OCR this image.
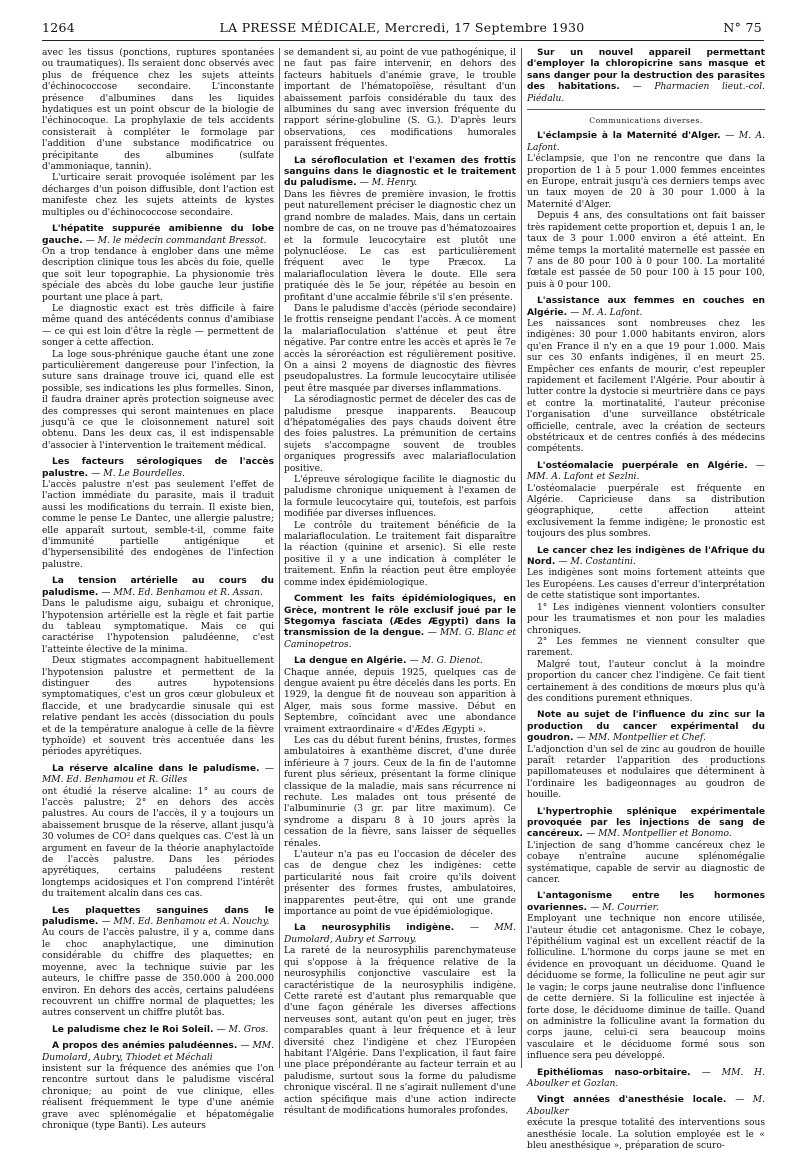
1264	LA PRESSE MÉDICALE, Mercredi, 17 Septembre 1930	N° 75

avec les tissus (ponctions, ruptures spontanées ou traumatiques). Ils seraient donc observés avec plus de fréquence chez les sujets atteints d'échinococcose secondaire. L'inconstante présence d'albumines dans les liquides hydatiques est un point obscur de la biologie de l'échinocoque. La prophylaxie de tels accidents consisterait à compléter le formolage par l'addition d'une substance modificatrice ou précipitante des albumines (sulfate d'ammoniaque, tannin).

L'urticaire serait provoquée isolément par les décharges d'un poison diffusible, dont l'action est manifeste chez les sujets atteints de kystes multiples ou d'échinococcose secondaire.

L'hépatite suppurée amibienne du lobe gauche. — M. le médecin commandant Bressot.

On a trop tendance à englober dans une même description clinique tous les abcès du foie, quelle que soit leur topographie. La physionomie très spéciale des abcès du lobe gauche leur justifie pourtant une place à part.

Le diagnostic exact est très difficile à faire même quand des antécédents connus d'amibiase — ce qui est loin d'être la règle — permettent de songer à cette affection.

La loge sous-phrénique gauche étant une zone particulièrement dangereuse pour l'infection, la suture sans drainage trouve ici, quand elle est possible, ses indications les plus formelles. Sinon, il faudra drainer après protection soigneuse avec des compresses qui seront maintenues en place jusqu'à ce que le cloisonnement naturel soit obtenu. Dans les deux cas, il est indispensable d'associer à l'intervention le traitement médical.

Les facteurs sérologiques de l'accès palustre. — M. Le Bourdelles.

L'accès palustre n'est pas seulement l'effet de l'action immédiate du parasite, mais il traduit aussi les modifications du terrain. Il existe bien, comme le pense Le Dantec, une allergie palustre; elle apparaît surtout, semble-t-il, comme faite d'immunité partielle antigénique et d'hypersensibilité des endogènes de l'infection palustre.

La tension artérielle au cours du paludisme. — MM. Ed. Benhamou et R. Assan.

Dans le paludisme aigu, subaigu et chronique, l'hypotension artérielle est la règle et fait partie du tableau symptomatique. Mais ce qui caractérise l'hypotension paludéenne, c'est l'atteinte élective de la minima.

Deux stigmates accompagnent habituellement l'hypotension palustre et permettent de la distinguer des autres hypotensions symptomatiques, c'est un gros cœur globuleux et flaccide, et une bradycardie sinusale qui est relative pendant les accès (dissociation du pouls et de la température analogue à celle de la fièvre typhoïde) et souvent très accentuée dans les périodes apyrétiques.

La réserve alcaline dans le paludisme. — MM. Ed. Benhamou et R. Gilles

ont étudié la réserve alcaline: 1° au cours de l'accès palustre; 2° en dehors des accès palustres. Au cours de l'accès, il y a toujours un abaissement brusque de la réserve, allant jusqu'à 30 volumes de CO² dans quelques cas. C'est là un argument en faveur de la théorie anaphylactoïde de l'accès palustre. Dans les périodes apyrétiques, certains paludéens restent longtemps acidosiques et l'on comprend l'intérêt du traitement alcalin dans ces cas.

Les plaquettes sanguines dans le paludisme. — MM. Ed. Benhamou et A. Nouchy.

Au cours de l'accès palustre, il y a, comme dans le choc anaphylactique, une diminution considérable du chiffre des plaquettes; en moyenne, avec la technique suivie par les auteurs, le chiffre passe de 350.000 à 200.000 environ. En dehors des accès, certains paludéens recouvrent un chiffre normal de plaquettes; les autres conservent un chiffre plutôt bas.

Le paludisme chez le Roi Soleil. — M. Gros.
A propos des anémies paludéennes. — MM. Dumolard, Aubry, Thiodet et Méchali

insistent sur la fréquence des anémies que l'on rencontre surtout dans le paludisme viscéral chronique; au point de vue clinique, elles réalisent fréquemment le type d'une anémie grave avec splénomégalie et hépatomégalie chronique (type Banti). Les auteurs

se demandent si, au point de vue pathogénique, il ne faut pas faire intervenir, en dehors des facteurs habituels d'anémie grave, le trouble important de l'hématopoïèse, résultant d'un abaissement parfois considérable du taux des albumines du sang avec inversion fréquente du rapport sérine-globuline (S. G.). D'après leurs observations, ces modifications humorales paraissent fréquentes.

La sérofloculation et l'examen des frottis sanguins dans le diagnostic et le traitement du paludisme. — M. Henry.

Dans les fièvres de première invasion, le frottis peut naturellement préciser le diagnostic chez un grand nombre de malades. Mais, dans un certain nombre de cas, on ne trouve pas d'hématozoaires et la formule leucocytaire est plutôt une polynucléose. Le cas est particulièrement fréquent avec le type Præcox. La malariafloculation lèvera le doute. Elle sera pratiquée dès le 5e jour, répétée au besoin en profitant d'une accalmie fébrile s'il s'en présente.

Dans le paludisme d'accès (période secondaire) le frottis renseigne pendant l'accès. À ce moment la malariafloculation s'atténue et peut être négative. Par contre entre les accès et après le 7e accès la séroréaction est régulièrement positive. On a ainsi 2 moyens de diagnostic des fièvres pseudopalustres. La formule leucocytaire utilisée peut être masquée par diverses inflammations.

La sérodiagnostic permet de déceler des cas de paludisme presque inapparents. Beaucoup d'hépatomégalies des pays chauds doivent être des foies palustres. La prémunition de certains sujets s'accompagne souvent de troubles organiques progressifs avec malariafloculation positive.

L'épreuve sérologique facilite le diagnostic du paludisme chronique uniquement à l'examen de la formule leucocytaire qui, toutefois, est parfois modifiée par diverses influences.

Le contrôle du traitement bénéficie de la malariafloculation. Le traitement fait disparaître la réaction (quinine et arsenic). Si elle reste positive il y a une indication à compléter le traitement. Enfin la réaction peut être employée comme index épidémiologique.

Comment les faits épidémiologiques, en Grèce, montrent le rôle exclusif joué par le Stegomya fasciata (Ædes Ægypti) dans la transmission de la dengue. — MM. G. Blanc et Caminopetros.
La dengue en Algérie. — M. G. Dienot.

Chaque année, depuis 1925, quelques cas de dengue avaient pu être décelés dans les ports. En 1929, la dengue fit de nouveau son apparition à Alger, mais sous forme massive. Début en Septembre, coïncidant avec une abondance vraiment extraordinaire « d'Ædes Ægypti ».

Les cas du début furent bénins, frustes, formes ambulatoires à exanthème discret, d'une durée inférieure à 7 jours. Ceux de la fin de l'automne furent plus sérieux, présentant la forme clinique classique de la maladie, mais sans récurrence ni rechute. Les malades ont tous présenté de l'albuminurie (3 gr. par litre maximum). Ce syndrome a disparu 8 à 10 jours après la cessation de la fièvre, sans laisser de séquelles rénales.

L'auteur n'a pas eu l'occasion de déceler des cas de dengue chez les indigènes: cette particularité nous fait croire qu'ils doivent présenter des formes frustes, ambulatoires, inapparentes peut-être, qui ont une grande importance au point de vue épidémiologique.

La neurosyphilis indigène. — MM. Dumolard, Aubry et Sarrouy.

La rareté de la neurosyphilis parenchymateuse qui s'oppose à la fréquence relative de la neurosyphilis conjonctive vasculaire est la caractéristique de la neurosyphilis indigène. Cette rareté est d'autant plus remarquable que d'une façon générale les diverses affections nerveuses sont, autant qu'on peut en juger, très comparables quant à leur fréquence et à leur diversité chez l'indigène et chez l'Européen habitant l'Algérie. Dans l'explication, il faut faire une place prépondérante au facteur terrain et au paludisme, surtout sous la forme du paludisme chronique viscéral. Il ne s'agirait nullement d'une action spécifique mais d'une action indirecte résultant de modifications humorales profondes.

Sur un nouvel appareil permettant d'employer la chloropicrine sans masque et sans danger pour la destruction des parasites des habitations. — Pharmacien lieut.-col. Piédalu.
Communications diverses.
L'éclampsie à la Maternité d'Alger. — M. A. Lafont.

L'éclampsie, que l'on ne rencontre que dans la proportion de 1 à 5 pour 1.000 femmes enceintes en Europe, entrait jusqu'à ces derniers temps avec un taux moyen de 20 à 30 pour 1.000 à la Maternité d'Alger.

Depuis 4 ans, des consultations ont fait baisser très rapidement cette proportion et, depuis 1 an, le taux de 3 pour 1.000 environ a été atteint. En même temps la mortalité maternelle est passée en 7 ans de 80 pour 100 à 0 pour 100. La mortalité fœtale est passée de 50 pour 100 à 15 pour 100, puis à 0 pour 100.

L'assistance aux femmes en couches en Algérie. — M. A. Lafont.

Les naissances sont nombreuses chez les indigènes: 30 pour 1.000 habitants environ, alors qu'en France il n'y en a que 19 pour 1.000. Mais sur ces 30 enfants indigènes, il en meurt 25. Empêcher ces enfants de mourir, c'est repeupler rapidement et facilement l'Algérie. Pour aboutir à lutter contre la dystocie si meurtrière dans ce pays et contre la mortinatalité, l'auteur préconise l'organisation d'une surveillance obstétricale officielle, centrale, avec la création de secteurs obstétricaux et de centres confiés à des médecins compétents.

L'ostéomalacie puerpérale en Algérie. — MM. A. Lafont et Sezlni.

L'ostéomalacie puerpérale est fréquente en Algérie. Capricieuse dans sa distribution géographique, cette affection atteint exclusivement la femme indigène; le pronostic est toujours des plus sombres.

Le cancer chez les indigènes de l'Afrique du Nord. — M. Costantini.

Les indigènes sont moins fortement atteints que les Européens. Les causes d'erreur d'interprétation de cette statistique sont importantes.

1° Les indigènes viennent volontiers consulter pour les traumatismes et non pour les maladies chroniques.

2° Les femmes ne viennent consulter que rarement.

Malgré tout, l'auteur conclut à la moindre proportion du cancer chez l'indigène. Ce fait tient certainement à des conditions de mœurs plus qu'à des conditions purement ethniques.

Note au sujet de l'influence du zinc sur la production du cancer expérimental du goudron. — MM. Montpellier et Chef.

L'adjonction d'un sel de zinc au goudron de houille paraît retarder l'apparition des productions papillomateuses et nodulaires que déterminent à l'ordinaire les badigeonnages au goudron de houille.

L'hypertrophie splénique expérimentale provoquée par les injections de sang de cancéreux. — MM. Montpellier et Bonomo.

L'injection de sang d'homme cancéreux chez le cobaye n'entraîne aucune splénomégalie systématique, capable de servir au diagnostic de cancer.

L'antagonisme entre les hormones ovariennes. — M. Courrier.

Employant une technique non encore utilisée, l'auteur étudie cet antagonisme. Chez le cobaye, l'épithélium vaginal est un excellent réactif de la folliculine. L'hormone du corps jaune se met en évidence en provoquant un déciduome. Quand le déciduome se forme, la folliculine ne peut agir sur le vagin; le corps jaune neutralise donc l'influence de cette dernière. Si la folliculine est injectée à forte dose, le déciduome diminue de taille. Quand on administre la folliculine avant la formation du corps jaune, celui-ci sera beaucoup moins vasculaire et le déciduome formé sous son influence sera peu développé.

Epithéliomas naso-orbitaire. — MM. H. Aboulker et Gozlan.
Vingt années d'anesthésie locale. — M. Aboulker

exécute la presque totalité des interventions sous anesthésie locale. La solution employée est le « bleu anesthésique », préparation de scuro-
